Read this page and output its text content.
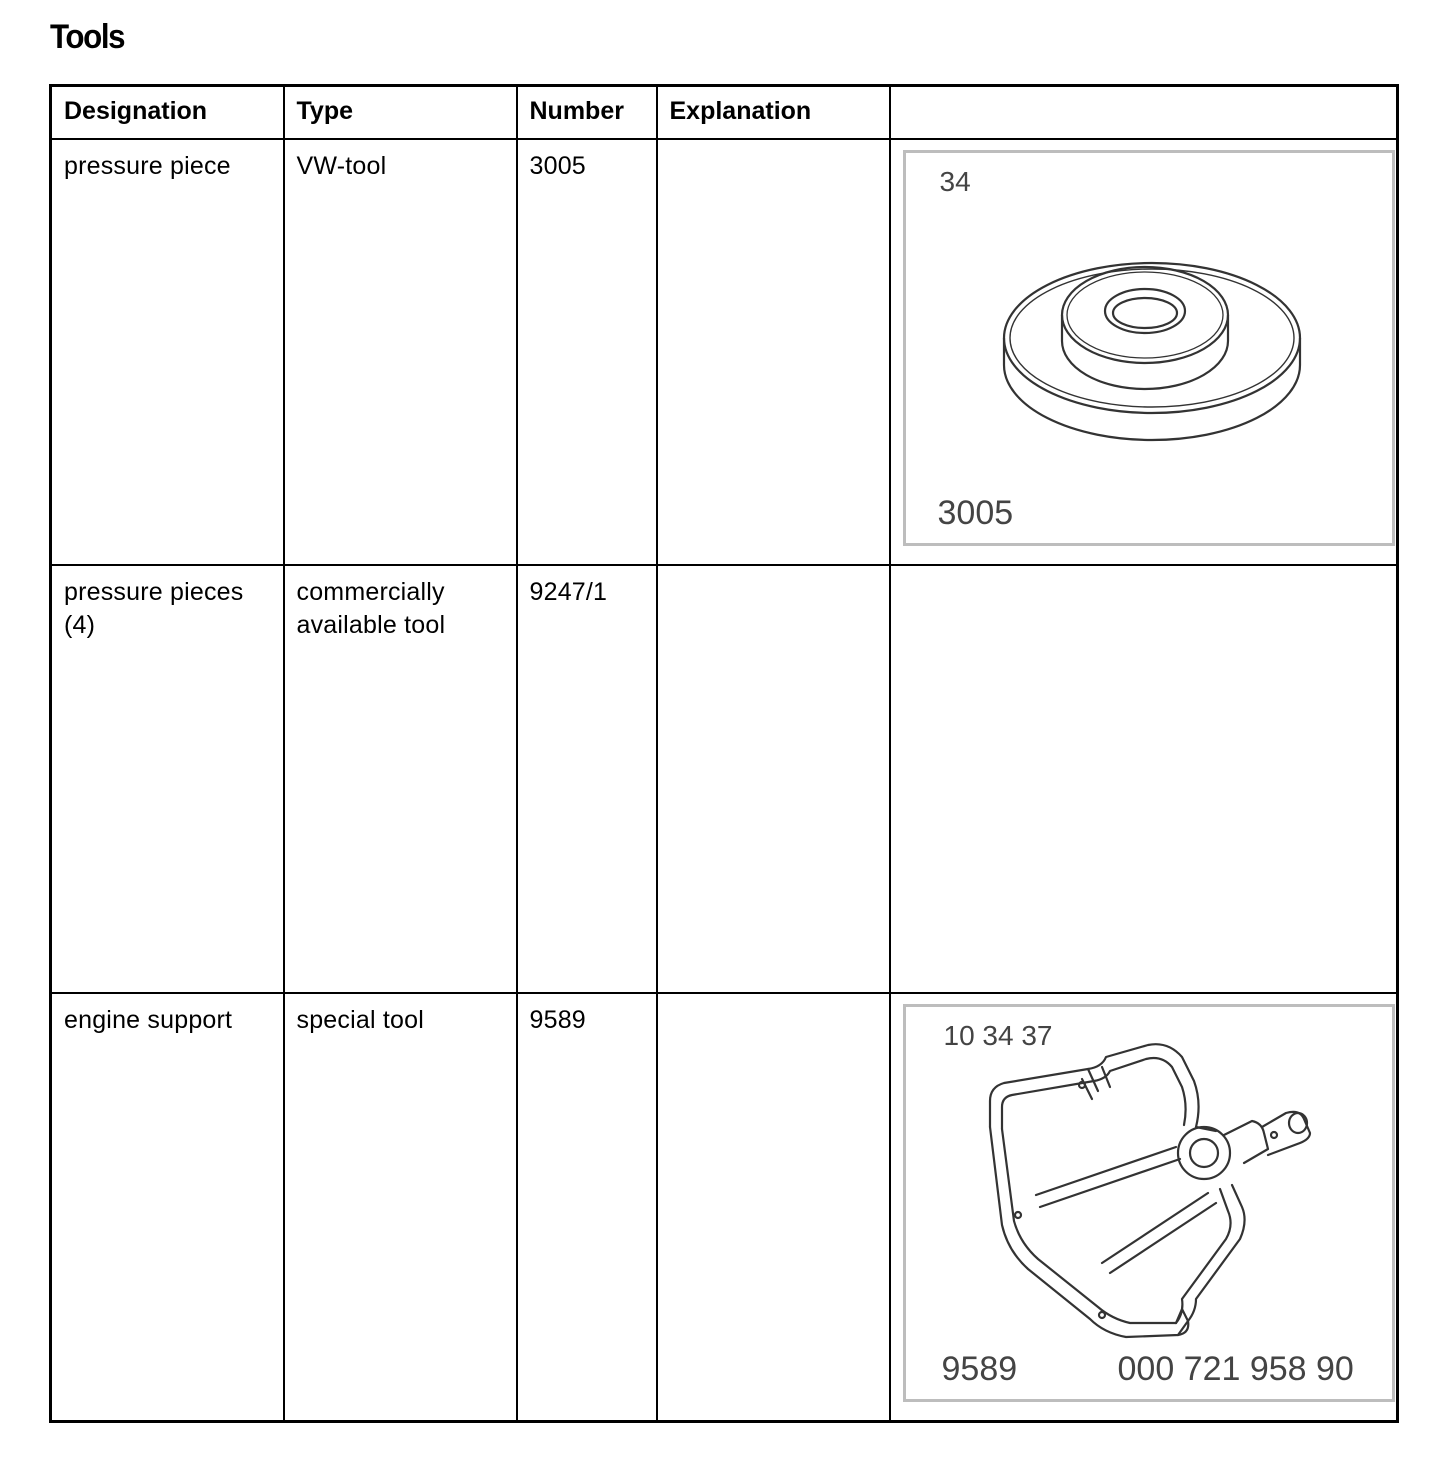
Tools
Designation	Type	Number	Explanation	
pressure piece	VW-tool	3005		34
3005

pressure pieces (4)	commercially available tool	9247/1		
engine support	special tool	9589		10 34 37
9589 000 721 958 90
